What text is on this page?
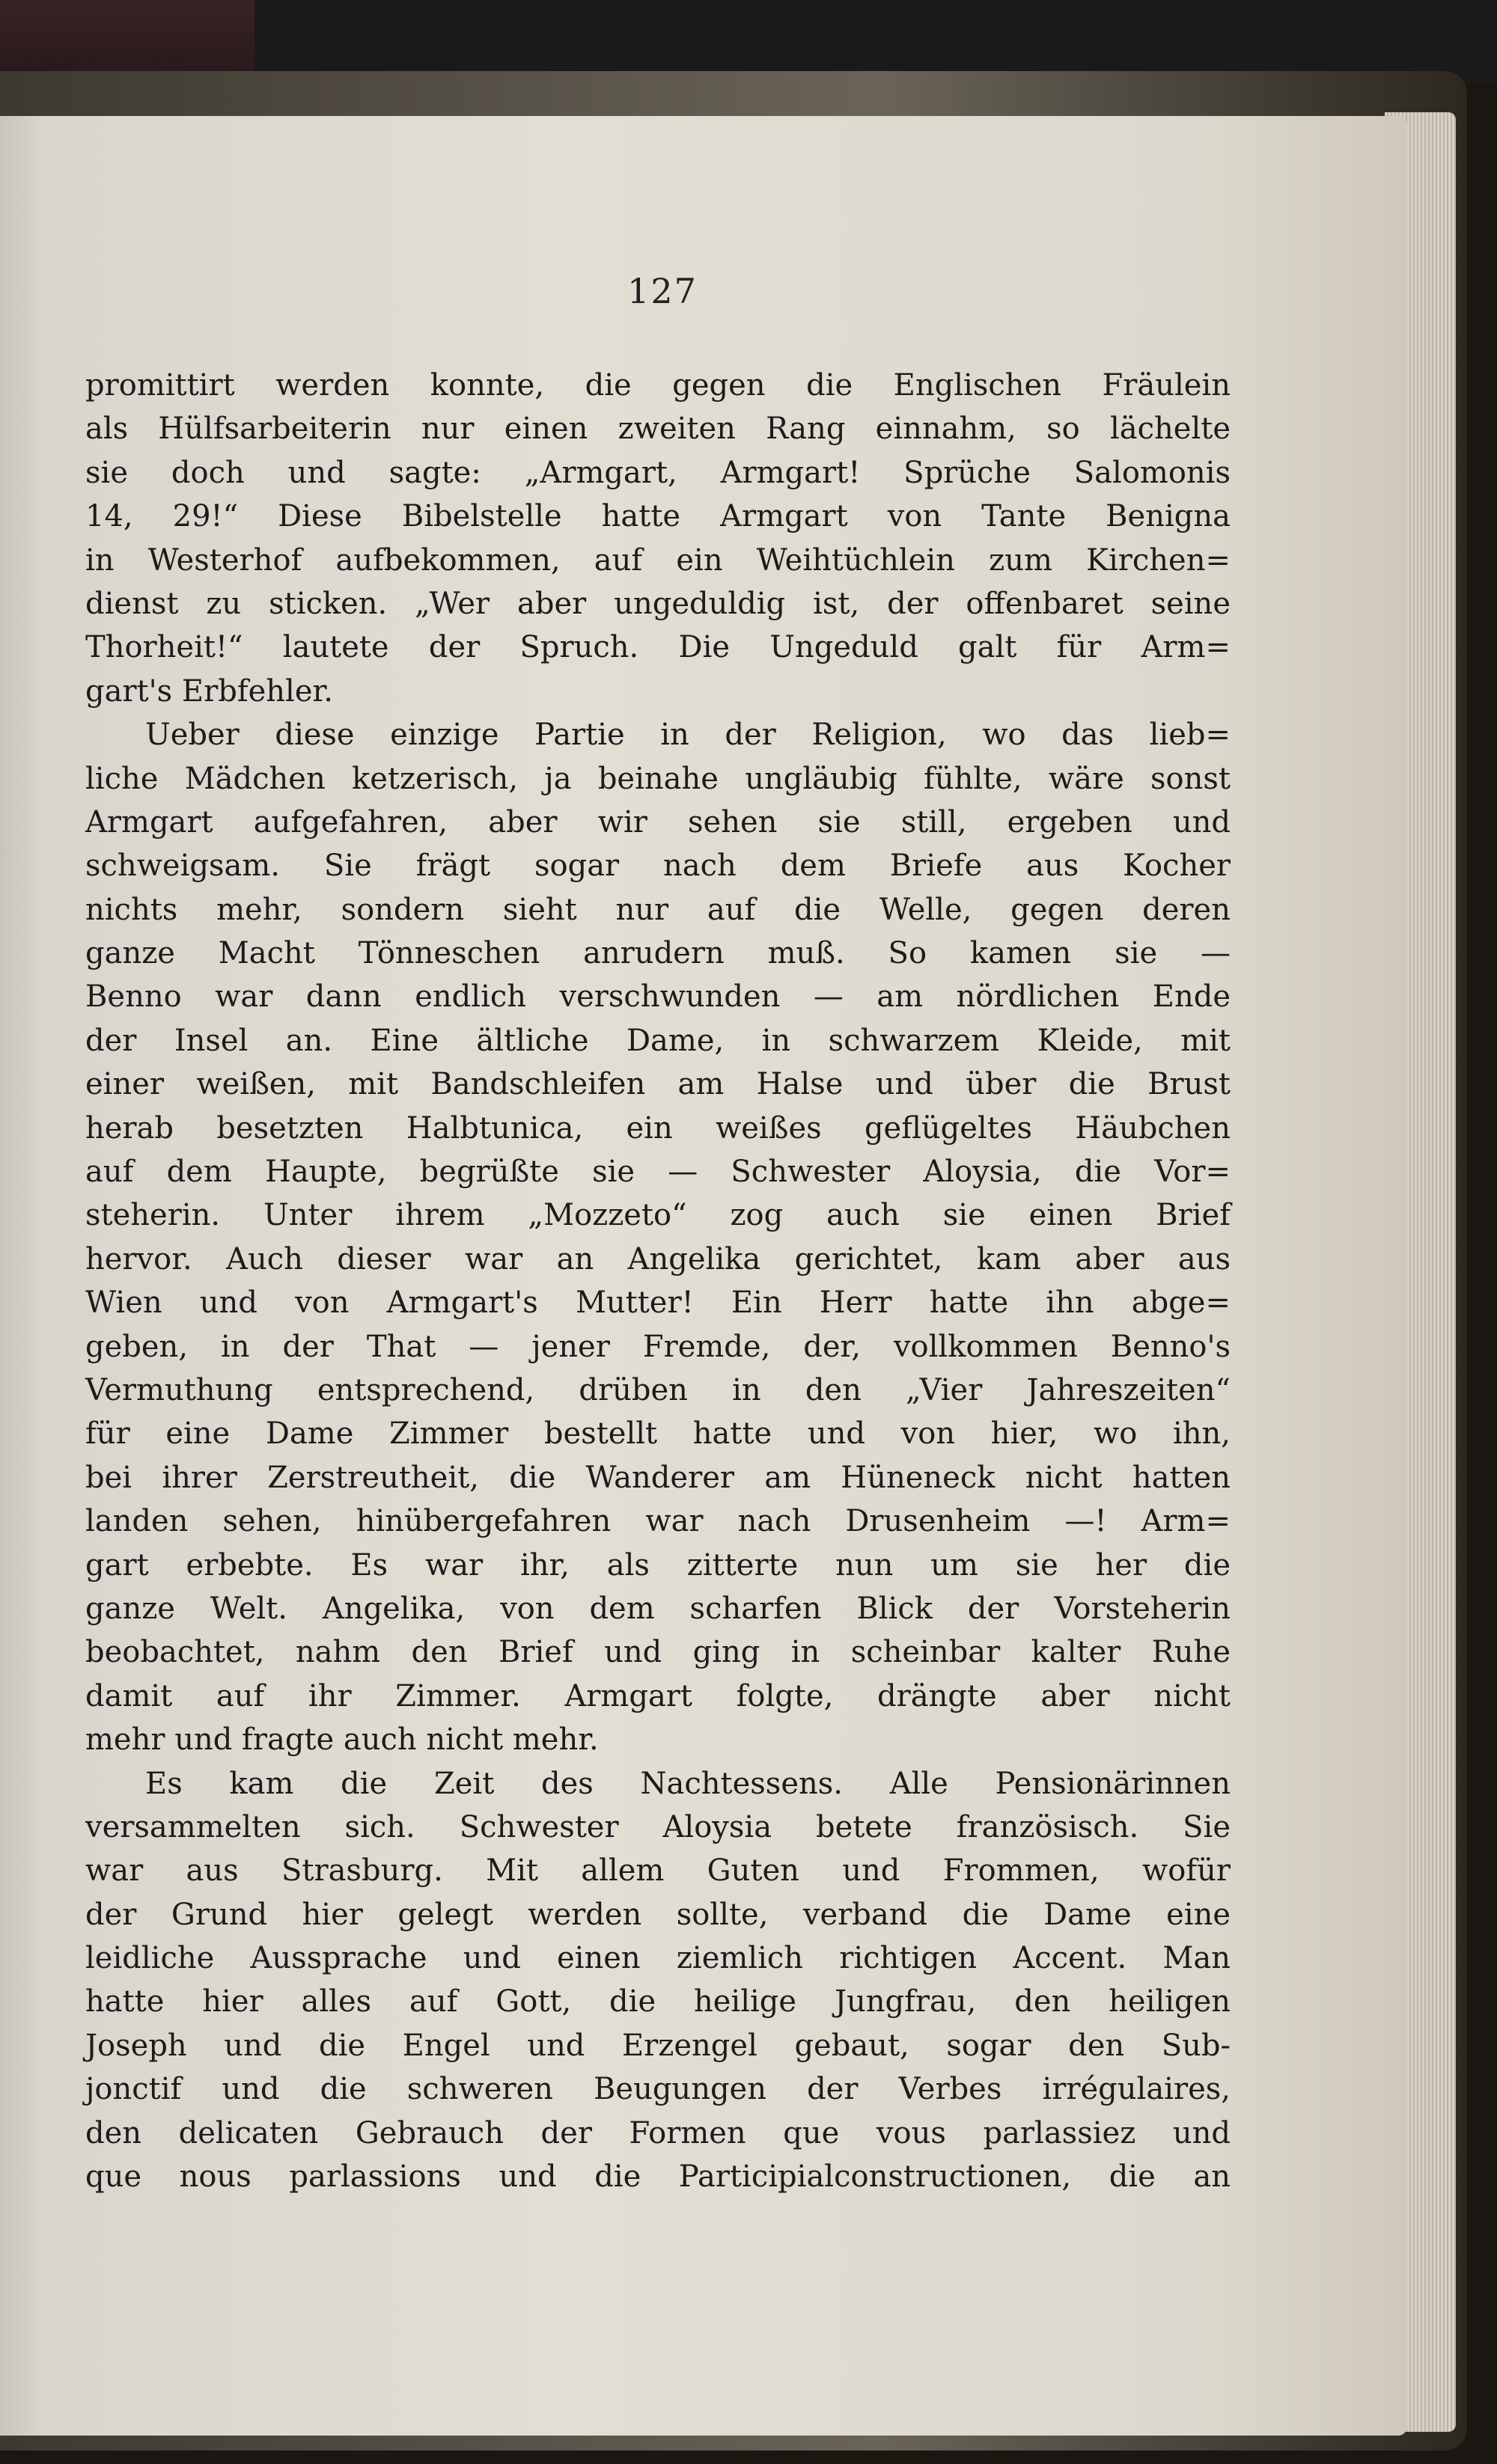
127
promittirt werden konnte, die gegen die Englischen Fräulein
als Hülfsarbeiterin nur einen zweiten Rang einnahm, so lächelte
sie doch und sagte: „Armgart, Armgart! Sprüche Salomonis
14, 29!“ Diese Bibelstelle hatte Armgart von Tante Benigna
in Westerhof aufbekommen, auf ein Weihtüchlein zum Kirchen=
dienst zu sticken. „Wer aber ungeduldig ist, der offenbaret seine
Thorheit!“ lautete der Spruch. Die Ungeduld galt für Arm=
gart's Erbfehler.
Ueber diese einzige Partie in der Religion, wo das lieb=
liche Mädchen ketzerisch, ja beinahe ungläubig fühlte, wäre sonst
Armgart aufgefahren, aber wir sehen sie still, ergeben und
schweigsam. Sie frägt sogar nach dem Briefe aus Kocher
nichts mehr, sondern sieht nur auf die Welle, gegen deren
ganze Macht Tönneschen anrudern muß. So kamen sie —
Benno war dann endlich verschwunden — am nördlichen Ende
der Insel an. Eine ältliche Dame, in schwarzem Kleide, mit
einer weißen, mit Bandschleifen am Halse und über die Brust
herab besetzten Halbtunica, ein weißes geflügeltes Häubchen
auf dem Haupte, begrüßte sie — Schwester Aloysia, die Vor=
steherin. Unter ihrem „Mozzeto“ zog auch sie einen Brief
hervor. Auch dieser war an Angelika gerichtet, kam aber aus
Wien und von Armgart's Mutter! Ein Herr hatte ihn abge=
geben, in der That — jener Fremde, der, vollkommen Benno's
Vermuthung entsprechend, drüben in den „Vier Jahreszeiten“
für eine Dame Zimmer bestellt hatte und von hier, wo ihn,
bei ihrer Zerstreutheit, die Wanderer am Hüneneck nicht hatten
landen sehen, hinübergefahren war nach Drusenheim —! Arm=
gart erbebte. Es war ihr, als zitterte nun um sie her die
ganze Welt. Angelika, von dem scharfen Blick der Vorsteherin
beobachtet, nahm den Brief und ging in scheinbar kalter Ruhe
damit auf ihr Zimmer. Armgart folgte, drängte aber nicht
mehr und fragte auch nicht mehr.
Es kam die Zeit des Nachtessens. Alle Pensionärinnen
versammelten sich. Schwester Aloysia betete französisch. Sie
war aus Strasburg. Mit allem Guten und Frommen, wofür
der Grund hier gelegt werden sollte, verband die Dame eine
leidliche Aussprache und einen ziemlich richtigen Accent. Man
hatte hier alles auf Gott, die heilige Jungfrau, den heiligen
Joseph und die Engel und Erzengel gebaut, sogar den Sub-
jonctif und die schweren Beugungen der Verbes irrégulaires,
den delicaten Gebrauch der Formen que vous parlassiez und
que nous parlassions und die Participialconstructionen, die an
